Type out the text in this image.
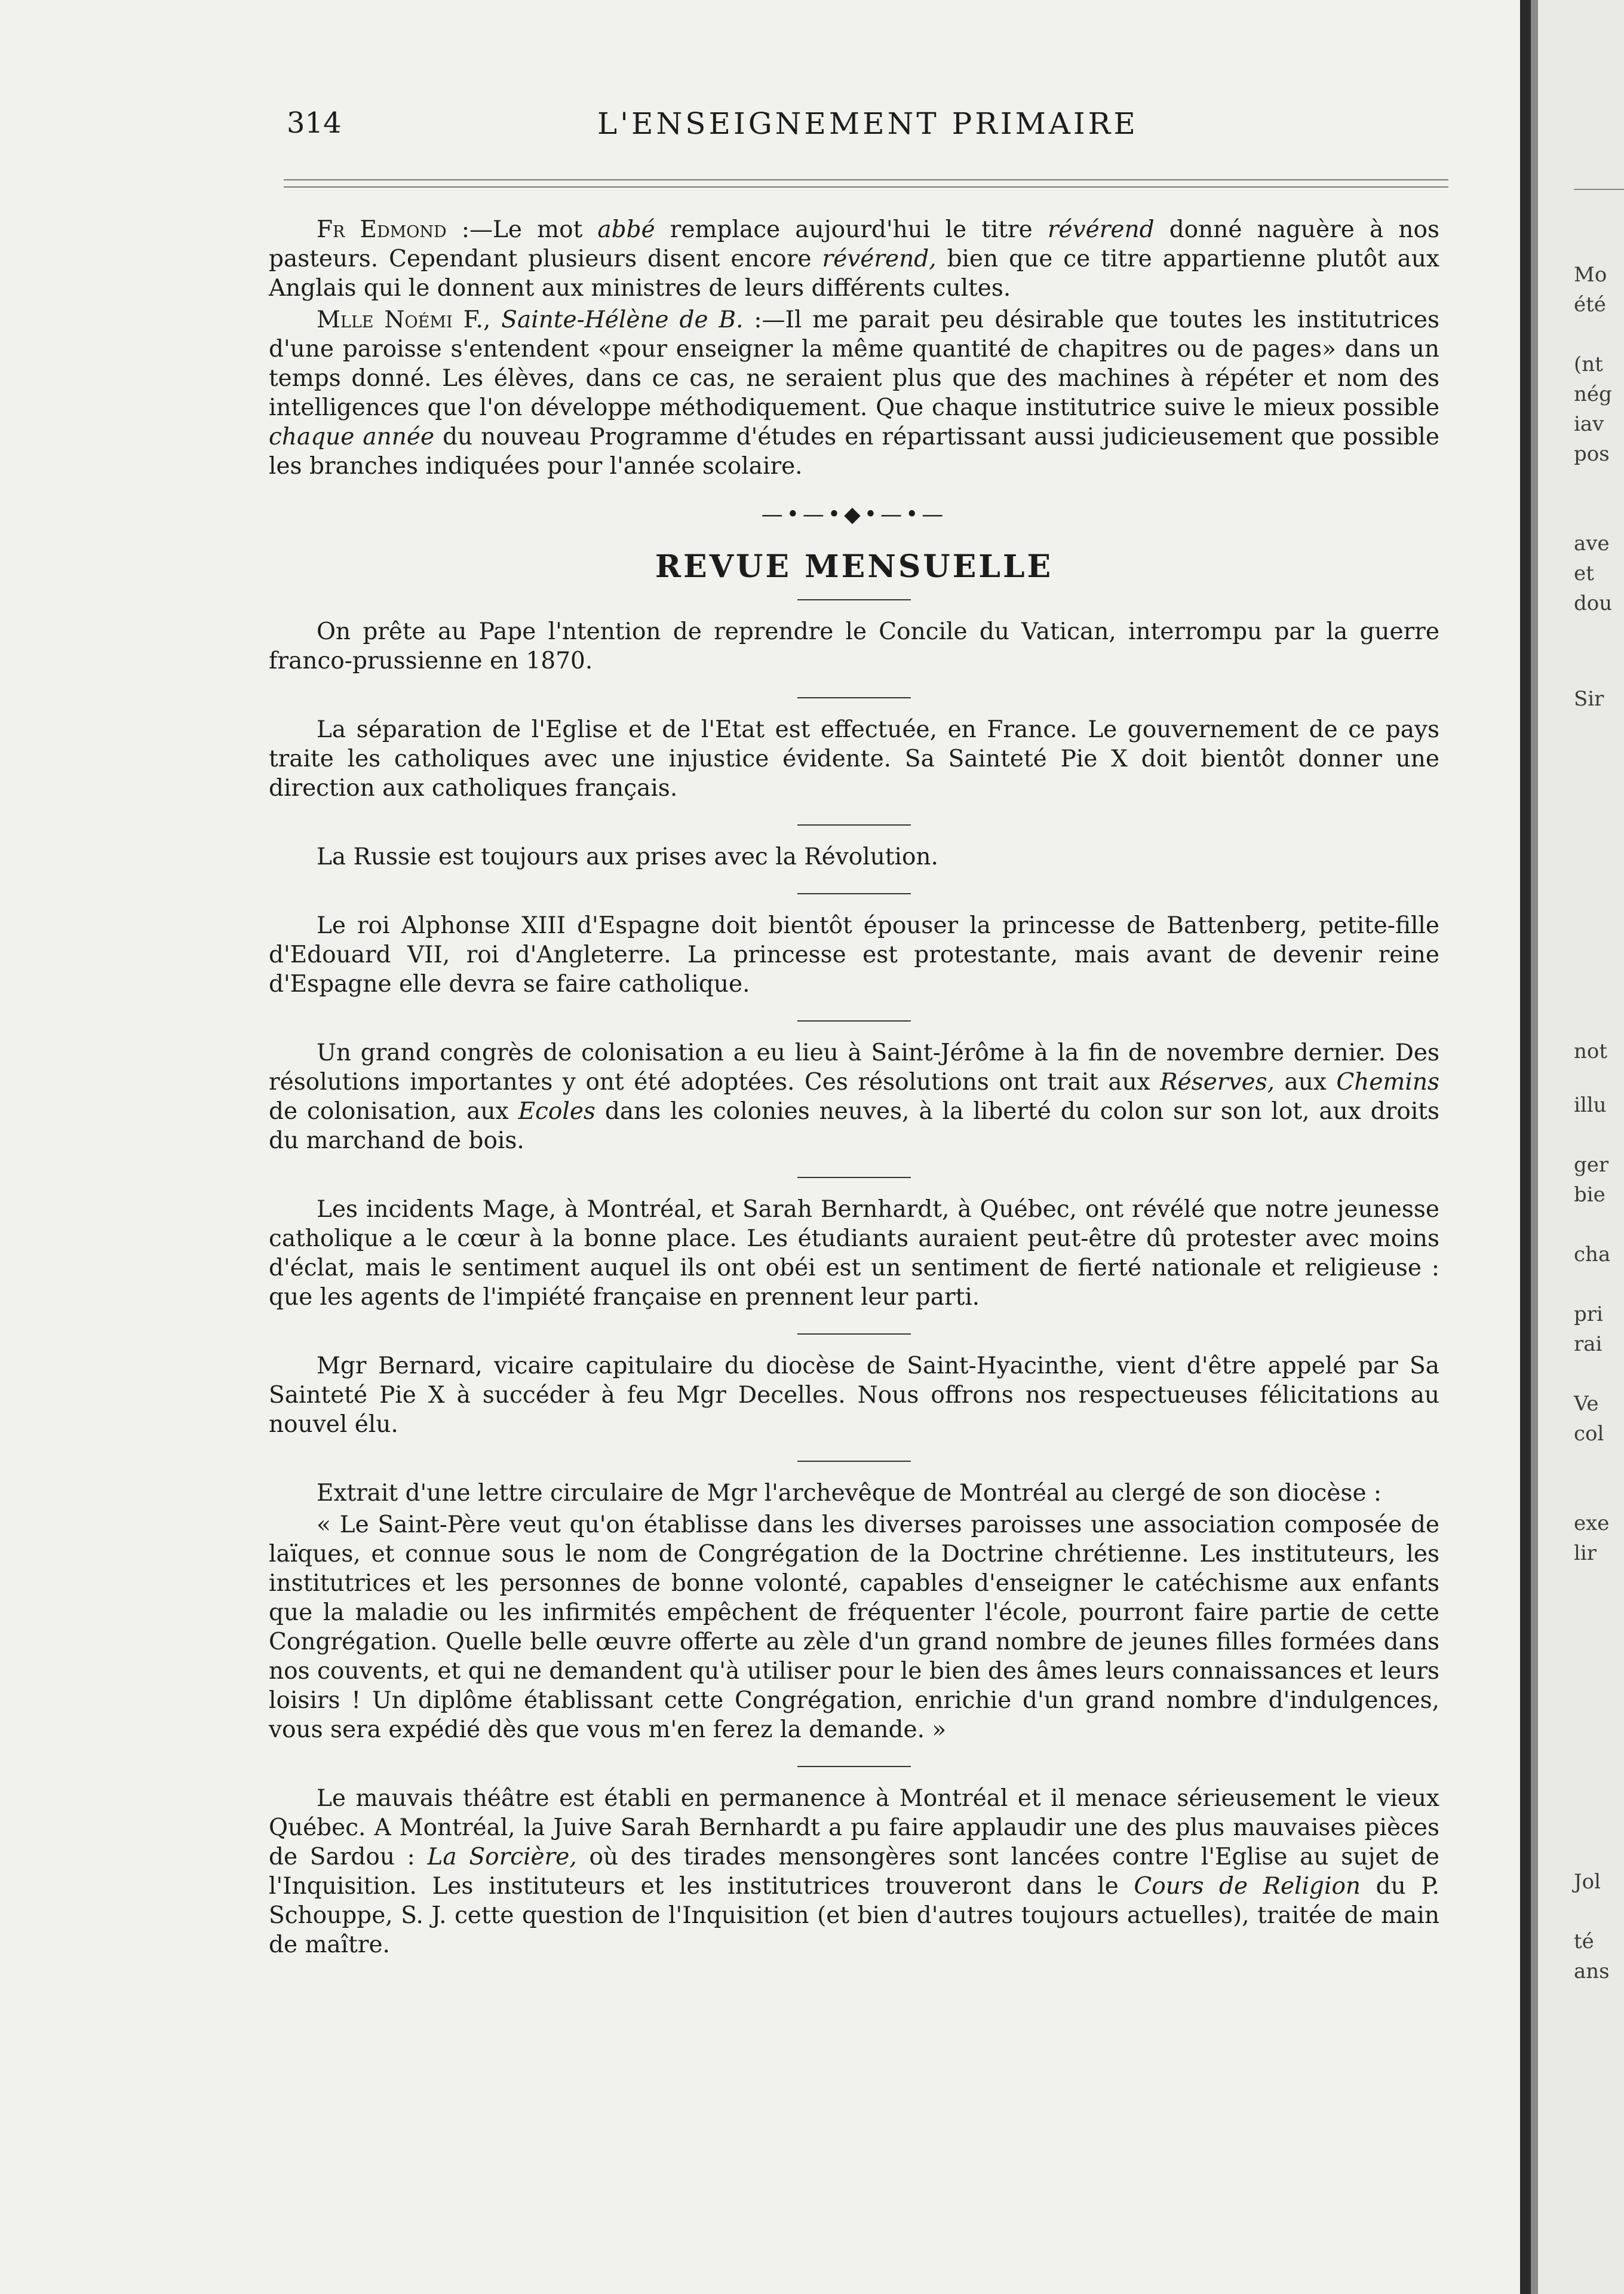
314	L'ENSEIGNEMENT PRIMAIRE

Fr Edmond :—Le mot abbé remplace aujourd'hui le titre révérend donné naguère à nos pasteurs. Cependant plusieurs disent encore révérend, bien que ce titre appartienne plutôt aux Anglais qui le donnent aux ministres de leurs différents cultes.

Mlle Noémi F., Sainte-Hélène de B. :—Il me parait peu désirable que toutes les institutrices d'une paroisse s'entendent «pour enseigner la même quantité de chapitres ou de pages» dans un temps donné. Les élèves, dans ce cas, ne seraient plus que des machines à répéter et nom des intelligences que l'on développe méthodiquement. Que chaque institutrice suive le mieux possible chaque année du nouveau Programme d'études en répartissant aussi judicieusement que possible les branches indiquées pour l'année scolaire.

—•—•◆•—•—
REVUE MENSUELLE

On prête au Pape l'ntention de reprendre le Concile du Vatican, interrompu par la guerre franco-prussienne en 1870.

La séparation de l'Eglise et de l'Etat est effectuée, en France. Le gouvernement de ce pays traite les catholiques avec une injustice évidente. Sa Sainteté Pie X doit bientôt donner une direction aux catholiques français.

La Russie est toujours aux prises avec la Révolution.

Le roi Alphonse XIII d'Espagne doit bientôt épouser la princesse de Battenberg, petite-fille d'Edouard VII, roi d'Angleterre. La princesse est protestante, mais avant de devenir reine d'Espagne elle devra se faire catholique.

Un grand congrès de colonisation a eu lieu à Saint-Jérôme à la fin de novembre dernier. Des résolutions importantes y ont été adoptées. Ces résolutions ont trait aux Réserves, aux Chemins de colonisation, aux Ecoles dans les colonies neuves, à la liberté du colon sur son lot, aux droits du marchand de bois.

Les incidents Mage, à Montréal, et Sarah Bernhardt, à Québec, ont révélé que notre jeunesse catholique a le cœur à la bonne place. Les étudiants auraient peut-être dû protester avec moins d'éclat, mais le sentiment auquel ils ont obéi est un sentiment de fierté nationale et religieuse : que les agents de l'impiété française en prennent leur parti.

Mgr Bernard, vicaire capitulaire du diocèse de Saint-Hyacinthe, vient d'être appelé par Sa Sainteté Pie X à succéder à feu Mgr Decelles. Nous offrons nos respectueuses félicitations au nouvel élu.

Extrait d'une lettre circulaire de Mgr l'archevêque de Montréal au clergé de son diocèse :

« Le Saint-Père veut qu'on établisse dans les diverses paroisses une association composée de laïques, et connue sous le nom de Congrégation de la Doctrine chrétienne. Les instituteurs, les institutrices et les personnes de bonne volonté, capables d'enseigner le catéchisme aux enfants que la maladie ou les infirmités empêchent de fréquenter l'école, pourront faire partie de cette Congrégation. Quelle belle œuvre offerte au zèle d'un grand nombre de jeunes filles formées dans nos couvents, et qui ne demandent qu'à utiliser pour le bien des âmes leurs connaissances et leurs loisirs ! Un diplôme établissant cette Congrégation, enrichie d'un grand nombre d'indulgences, vous sera expédié dès que vous m'en ferez la demande. »

Le mauvais théâtre est établi en permanence à Montréal et il menace sérieusement le vieux Québec. A Montréal, la Juive Sarah Bernhardt a pu faire applaudir une des plus mauvaises pièces de Sardou : La Sorcière, où des tirades mensongères sont lancées contre l'Eglise au sujet de l'Inquisition. Les instituteurs et les institutrices trouveront dans le Cours de Religion du P. Schouppe, S. J. cette question de l'Inquisition (et bien d'autres toujours actuelles), traitée de main de maître.

Mo
été
(nt
nég
iav
pos
ave
et
dou
Sir
not
illu
ger
bie
cha
pri
rai
Ve
col
exe
lir
Jol
té
ans
